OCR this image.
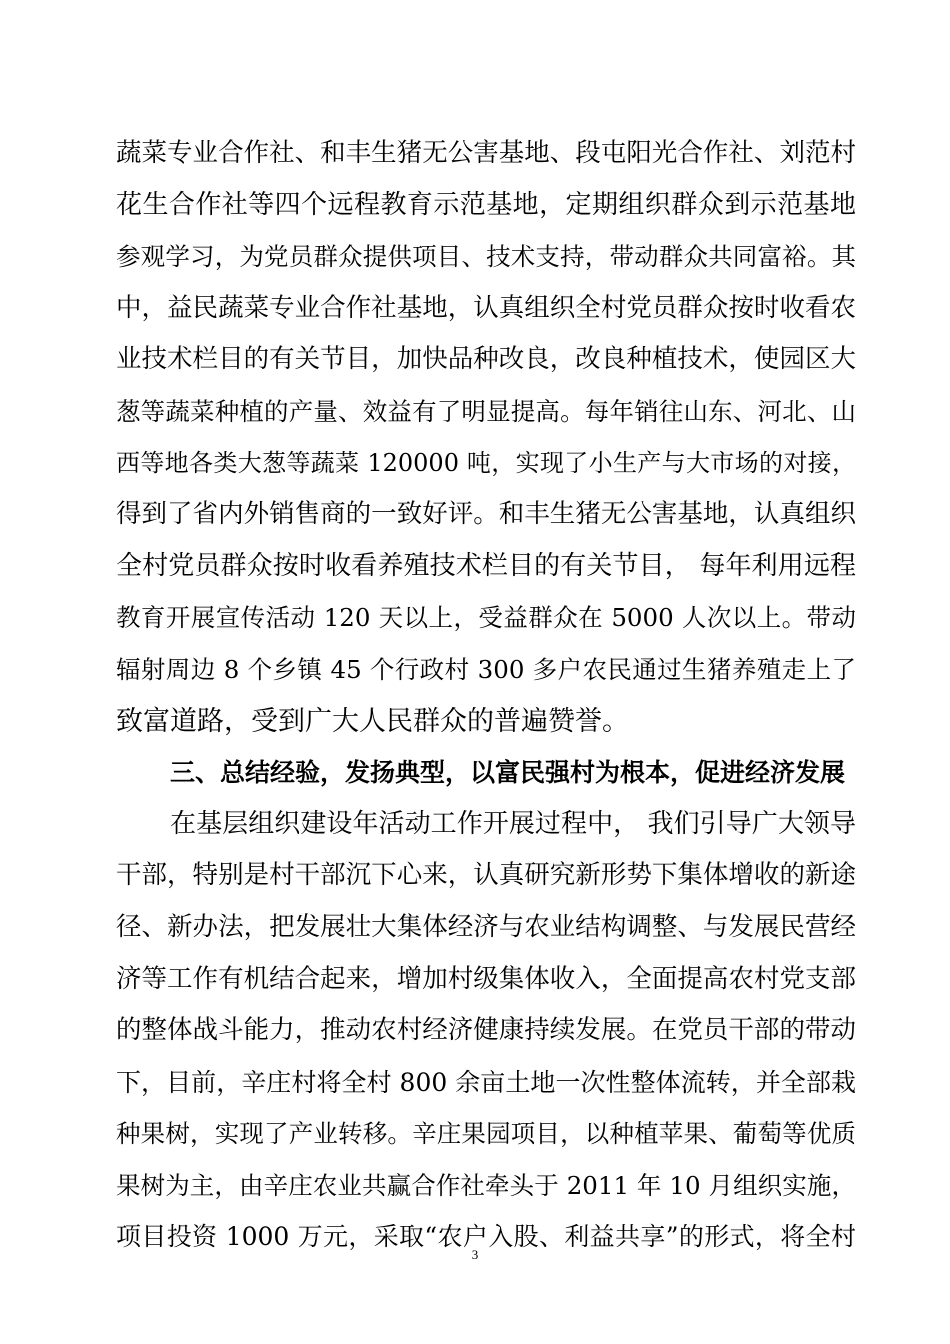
蔬菜专业合作社、和丰生猪无公害基地、段屯阳光合作社、刘范村
花生合作社等四个远程教育示范基地，定期组织群众到示范基地
参观学习，为党员群众提供项目、技术支持，带动群众共同富裕。其
中，益民蔬菜专业合作社基地，认真组织全村党员群众按时收看农
业技术栏目的有关节目，加快品种改良，改良种植技术，使园区大
葱等蔬菜种植的产量、效益有了明显提高。每年销往山东、河北、山
西等地各类大葱等蔬菜 120000 吨，实现了小生产与大市场的对接，
得到了省内外销售商的一致好评。和丰生猪无公害基地，认真组织
全村党员群众按时收看养殖技术栏目的有关节目， 每年利用远程
教育开展宣传活动 120 天以上，受益群众在 5000 人次以上。带动
辐射周边 8 个乡镇 45 个行政村 300 多户农民通过生猪养殖走上了
致富道路，受到广大人民群众的普遍赞誉。
三、总结经验，发扬典型，以富民强村为根本，促进经济发展
在基层组织建设年活动工作开展过程中， 我们引导广大领导
干部，特别是村干部沉下心来，认真研究新形势下集体增收的新途
径、新办法，把发展壮大集体经济与农业结构调整、与发展民营经
济等工作有机结合起来，增加村级集体收入，全面提高农村党支部
的整体战斗能力，推动农村经济健康持续发展。在党员干部的带动
下，目前，辛庄村将全村 800 余亩土地一次性整体流转，并全部栽
种果树，实现了产业转移。辛庄果园项目，以种植苹果、葡萄等优质
果树为主，由辛庄农业共赢合作社牵头于 2011 年 10 月组织实施，
项目投资 1000 万元，采取“农户入股、利益共享”的形式，将全村
3
